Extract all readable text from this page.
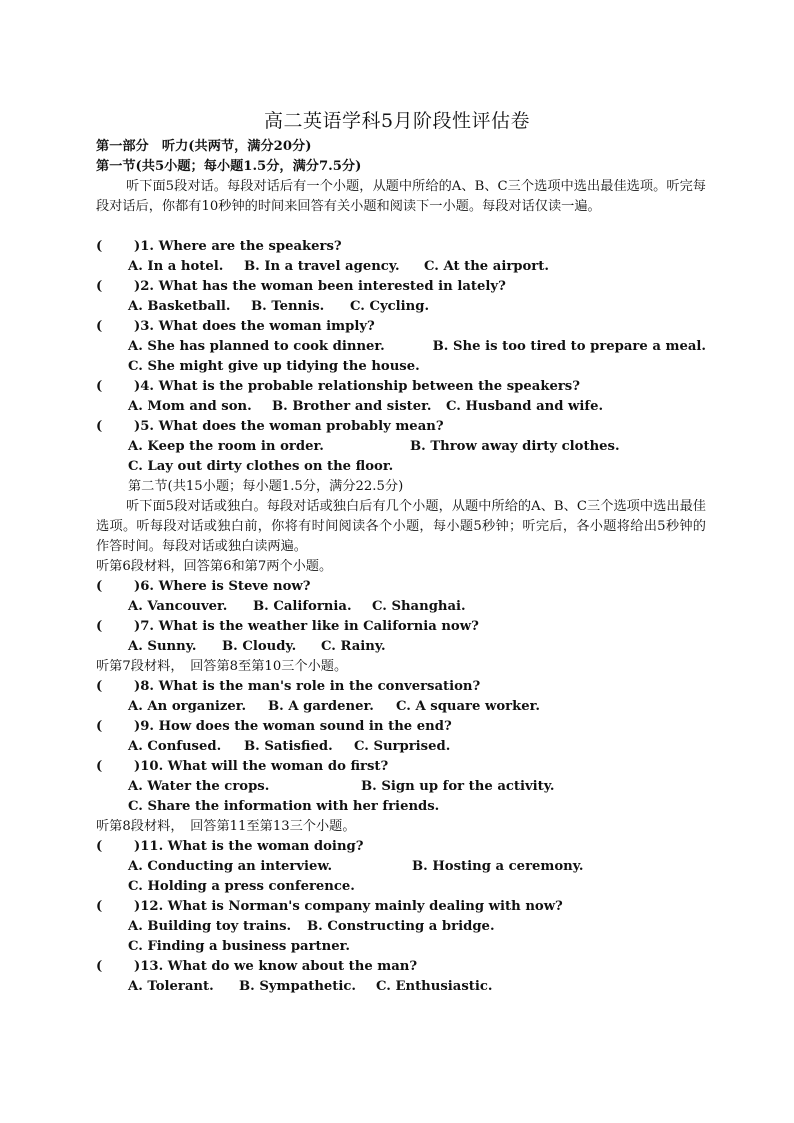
高二英语学科5月阶段性评估卷
第一部分　听力(共两节，满分20分)
第一节(共5小题；每小题1.5分，满分7.5分)
听下面5段对话。每段对话后有一个小题，从题中所给的A、B、C三个选项中选出最佳选项。听完每段对话后，你都有10秒钟的时间来回答有关小题和阅读下一小题。每段对话仅读一遍。
(	)1. Where are the speakers?
A. In a hotel.	B. In a travel agency.	C. At the airport.
(	)2. What has the woman been interested in lately?
A. Basketball.	B. Tennis.	C. Cycling.
(	)3. What does the woman imply?
A. She has planned to cook dinner.	B. She is too tired to prepare a meal.
C. She might give up tidying the house.
(	)4. What is the probable relationship between the speakers?
A. Mom and son.	B. Brother and sister.	C. Husband and wife.
(	)5. What does the woman probably mean?
A. Keep the room in order.	B. Throw away dirty clothes.
C. Lay out dirty clothes on the floor.
第二节(共15小题；每小题1.5分，满分22.5分)
听下面5段对话或独白。每段对话或独白后有几个小题，从题中所给的A、B、C三个选项中选出最佳选项。听每段对话或独白前，你将有时间阅读各个小题，每小题5秒钟；听完后，各小题将给出5秒钟的作答时间。每段对话或独白读两遍。
听第6段材料，回答第6和第7两个小题。
(	)6. Where is Steve now?
A. Vancouver.	B. California.	C. Shanghai.
(	)7. What is the weather like in California now?
A. Sunny.	B. Cloudy.	C. Rainy.
听第7段材料，　回答第8至第10三个小题。
(	)8. What is the man's role in the conversation?
A. An organizer.	B. A gardener.	C. A square worker.
(	)9. How does the woman sound in the end?
A. Confused.	B. Satisfied.	C. Surprised.
(	)10. What will the woman do first?
A. Water the crops.	B. Sign up for the activity.
C. Share the information with her friends.
听第8段材料，　回答第11至第13三个小题。
(	)11. What is the woman doing?
A. Conducting an interview.	B. Hosting a ceremony.
C. Holding a press conference.
(	)12. What is Norman's company mainly dealing with now?
A. Building toy trains.	B. Constructing a bridge.
C. Finding a business partner.
(	)13. What do we know about the man?
A. Tolerant.	B. Sympathetic.	C. Enthusiastic.
